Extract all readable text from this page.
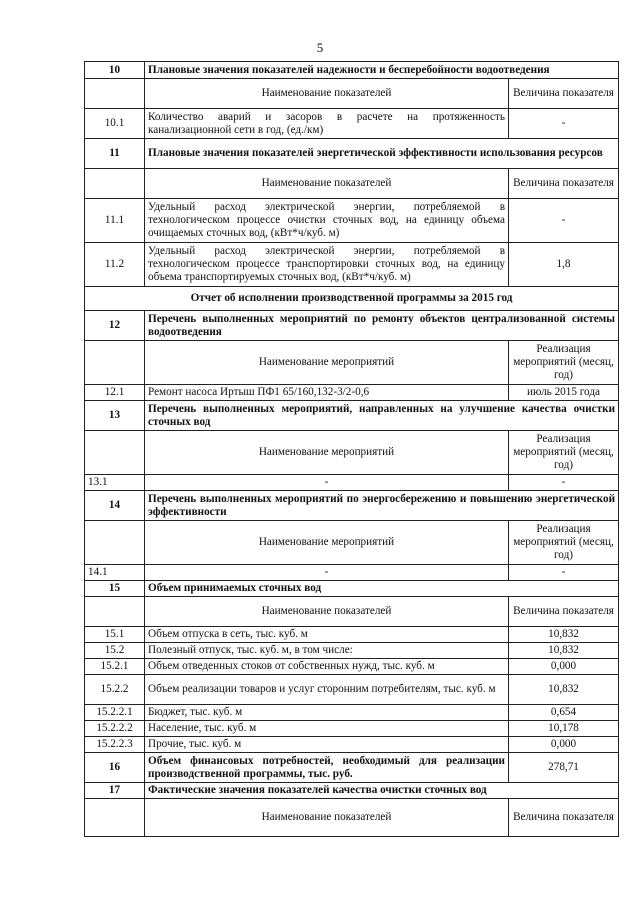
5
10	Плановые значения показателей надежности и бесперебойности водоотведения	
	Наименование показателей	Величина показателя
10.1	Количество аварий и засоров в расчете на протяженность канализационной сети в год, (ед./км)	-
11	Плановые значения показателей энергетической эффективности использования ресурсов	
	Наименование показателей	Величина показателя
11.1	Удельный расход электрической энергии, потребляемой в технологическом процессе очистки сточных вод, на единицу объема очищаемых сточных вод, (кВт*ч/куб. м)	-
11.2	Удельный расход электрической энергии, потребляемой в технологическом процессе транспортировки сточных вод, на единицу объема транспортируемых сточных вод, (кВт*ч/куб. м)	1,8
Отчет об исполнении производственной программы за 2015 год		
12	Перечень выполненных мероприятий по ремонту объектов централизованной системы водоотведения	
	Наименование мероприятий	Реализация мероприятий (месяц, год)
12.1	Ремонт насоса Иртыш ПФ1 65/160,132-3/2-0,6	июль 2015 года
13	Перечень выполненных мероприятий, направленных на улучшение качества очистки сточных вод	
	Наименование мероприятий	Реализация мероприятий (месяц, год)
13.1	-	-
14	Перечень выполненных мероприятий по энергосбережению и повышению энергетической эффективности	
	Наименование мероприятий	Реализация мероприятий (месяц, год)
14.1	-	-
15	Объем принимаемых сточных вод	
	Наименование показателей	Величина показателя
15.1	Объем отпуска в сеть, тыс. куб. м	10,832
15.2	Полезный отпуск, тыс. куб. м, в том числе:	10,832
15.2.1	Объем отведенных стоков от собственных нужд, тыс. куб. м	0,000
15.2.2	Объем реализации товаров и услуг сторонним потребителям, тыс. куб. м	10,832
15.2.2.1	Бюджет, тыс. куб. м	0,654
15.2.2.2	Население, тыс. куб. м	10,178
15.2.2.3	Прочие, тыс. куб. м	0,000
16	Объем финансовых потребностей, необходимый для реализации производственной программы, тыс. руб.	278,71
17	Фактические значения показателей качества очистки сточных вод	
	Наименование показателей	Величина показателя
